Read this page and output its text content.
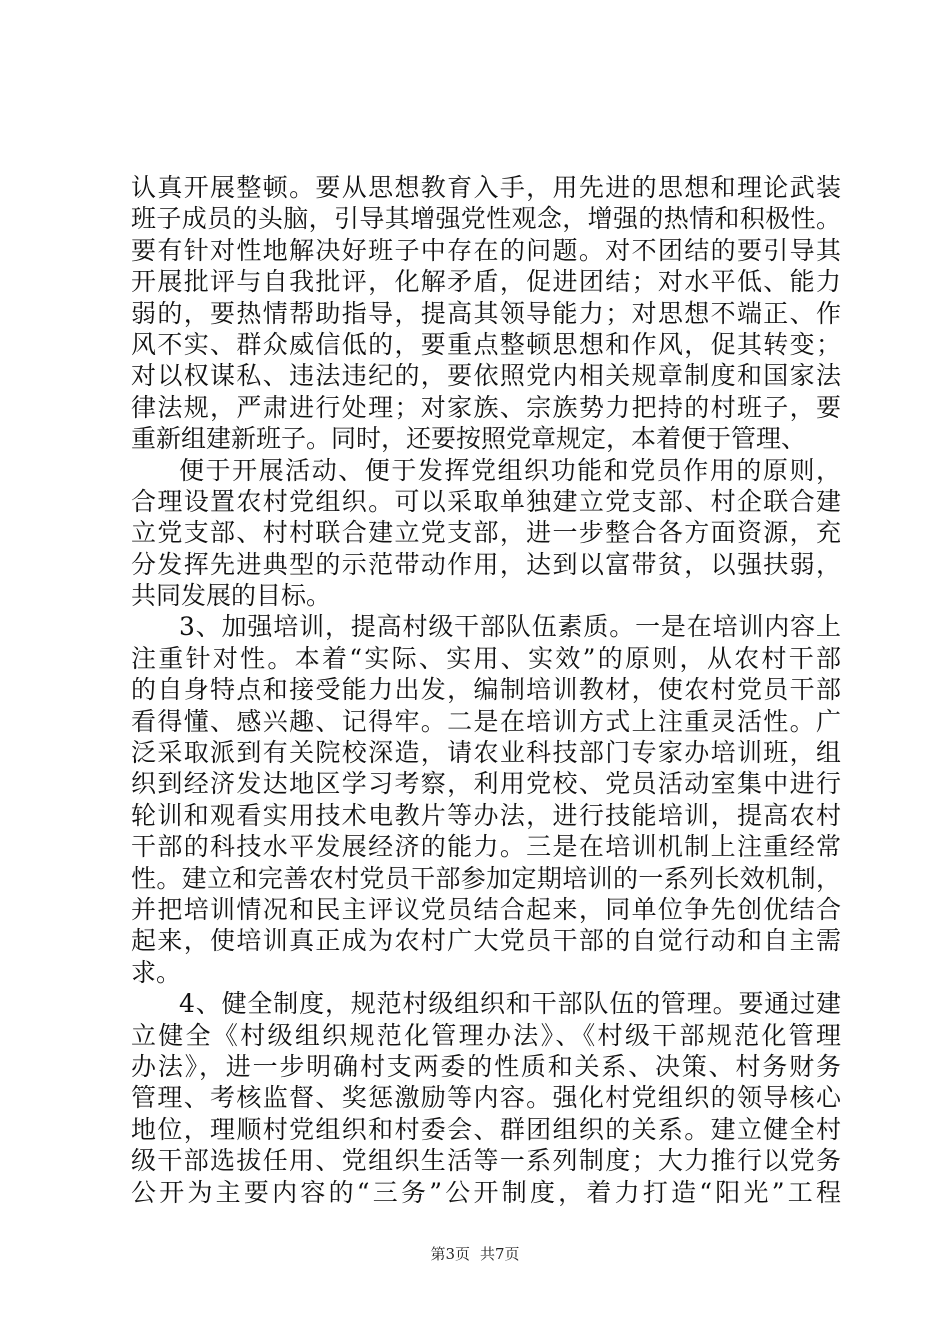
认真开展整顿。要从思想教育入手，用先进的思想和理论武装
班子成员的头脑，引导其增强党性观念，增强的热情和积极性。
要有针对性地解决好班子中存在的问题。对不团结的要引导其
开展批评与自我批评，化解矛盾，促进团结；对水平低、能力
弱的，要热情帮助指导，提高其领导能力；对思想不端正、作
风不实、群众威信低的，要重点整顿思想和作风，促其转变；
对以权谋私、违法违纪的，要依照党内相关规章制度和国家法
律法规，严肃进行处理；对家族、宗族势力把持的村班子，要
重新组建新班子。同时，还要按照党章规定，本着便于管理、
便于开展活动、便于发挥党组织功能和党员作用的原则，
合理设置农村党组织。可以采取单独建立党支部、村企联合建
立党支部、村村联合建立党支部，进一步整合各方面资源，充
分发挥先进典型的示范带动作用，达到以富带贫，以强扶弱，
共同发展的目标。
3、加强培训，提高村级干部队伍素质。一是在培训内容上
注重针对性。本着“实际、实用、实效”的原则，从农村干部
的自身特点和接受能力出发，编制培训教材，使农村党员干部
看得懂、感兴趣、记得牢。二是在培训方式上注重灵活性。广
泛采取派到有关院校深造，请农业科技部门专家办培训班，组
织到经济发达地区学习考察，利用党校、党员活动室集中进行
轮训和观看实用技术电教片等办法，进行技能培训，提高农村
干部的科技水平发展经济的能力。三是在培训机制上注重经常
性。建立和完善农村党员干部参加定期培训的一系列长效机制，
并把培训情况和民主评议党员结合起来，同单位争先创优结合
起来，使培训真正成为农村广大党员干部的自觉行动和自主需
求。
4、健全制度，规范村级组织和干部队伍的管理。要通过建
立健全《村级组织规范化管理办法》、《村级干部规范化管理
办法》，进一步明确村支两委的性质和关系、决策、村务财务
管理、考核监督、奖惩激励等内容。强化村党组织的领导核心
地位，理顺村党组织和村委会、群团组织的关系。建立健全村
级干部选拔任用、党组织生活等一系列制度；大力推行以党务
公开为主要内容的“三务”公开制度，着力打造“阳光”工程
第3页 共7页
